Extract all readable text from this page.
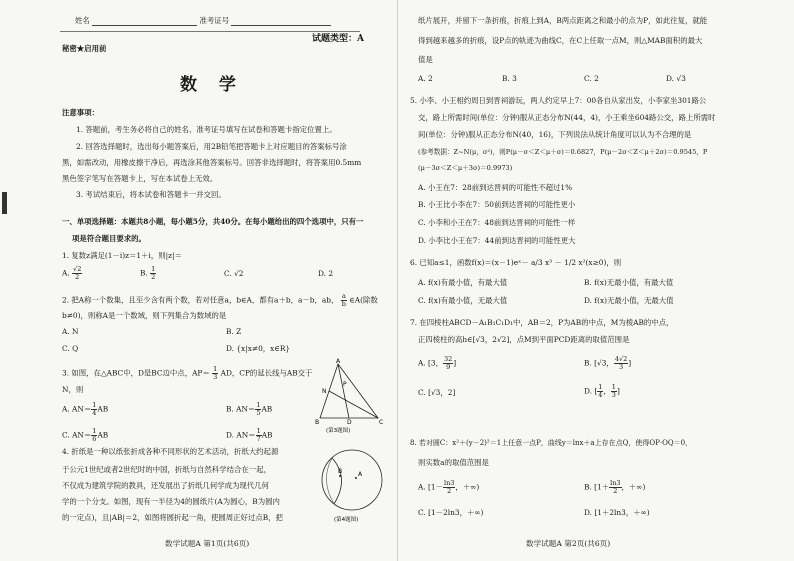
姓名	准考证号
试题类型：A
秘密★启用前
数 学
注意事项：
1. 答题前，考生务必将自己的姓名、准考证号填写在试卷和答题卡指定位置上。
2. 回答选择题时，选出每小题答案后，用2B铅笔把答题卡上对应题目的答案标号涂
黑，如需改动，用橡皮擦干净后，再选涂其他答案标号。回答非选择题时，将答案用0.5mm
黑色签字笔写在答题卡上，写在本试卷上无效。
3. 考试结束后，将本试卷和答题卡一并交回。
一、单项选择题：本题共8小题，每小题5分，共40分。在每小题给出的四个选项中，只有一
项是符合题目要求的。
1. 复数z满足(1－i)z＝1＋i，则|z|＝
A. $\frac{√2}{2}$	B. $\frac{1}{2}$	C. √2	D. 2
2. 把A称一个数集，且至少含有两个数，若对任意a，b∈A，都有a＋b，a－b，ab， $\frac{a}{b}$ ∈A(除数
b≠0)，则称A是一个数域，则下列集合为数域的是
A. N	B. Z
C. Q	D. {x|x≠0，x∈R}
3. 如图，在△ABC中，D是BC边中点，$AP= \frac{1}{3}$ AD，CP的延长线与AB交于
N，则
A. $AN= \frac{1}{4}$ AB	B. $AN= \frac{1}{5}$ AB
C. $AN= \frac{1}{6}$ AB	D. $AN= \frac{1}{7}$ AB
A
N
P
B	D	C
(第3题图)
4. 折纸是一种以纸张折成各种不同形状的艺术活动，折纸大约起源
于公元1世纪或者2世纪时的中国，折纸与自然科学结合在一起，
不仅成为建筑学院的教具，还发展出了折纸几何学成为现代几何
学的一个分支。如图，现有一半径为4的圆纸片(A为圆心，B为圆内
的一定点)，且|AB|＝2，如图将圆折起一角，使圆周正好过点B，把
B	A
(第4题图)
数学试题A 第1页(共6页)
纸片展开，并留下一条折痕，折痕上到A，B两点距离之和最小的点为P，如此往复，就能
得到越来越多的折痕，设P点的轨迹为曲线C，在C上任取一点M，则△MAB面积的最大
值是
A. 2	B. 3	C. 2	D. √3
5. 小李、小王相约周日到晋祠游玩，两人约定早上7：00各自从家出发，小李家坐301路公
交，路上所需时间(单位：分钟)服从正态分布N(44，4)，小王乘坐604路公交，路上所需时
间(单位：分钟)服从正态分布N(40，16)，下列说法从统计角度可以认为不合理的是
(参考数据：Z~N(μ，σ²)，则P(μ－σ＜Z＜μ＋σ)＝0.6827，P(μ－2σ＜Z＜μ＋2σ)＝0.9545，P
(μ－3σ＜Z＜μ＋3σ)＝0.9973)
A. 小王在7：28前到达晋祠的可能性不超过1%
B. 小王比小李在7：50前到达晋祠的可能性更小
C. 小李和小王在7：48前到达晋祠的可能性一样
D. 小李比小王在7：44前到达晋祠的可能性更大
6. 已知a≤1，函数f(x)＝(x－1)eˣ－ a/3 x³ － 1/2 x²(x≥0)，则
A. f(x)有最小值，有最大值	B. f(x)无最小值，有最大值
C. f(x)有最小值，无最大值	D. f(x)无最小值，无最大值
7. 在四棱柱ABCD－A₁B₁C₁D₁中，AB＝2，P为AB的中点，M为棱AB的中点，
正四棱柱的高h∈[√3，2√2]，点M到平面PCD距离的取值范围是
A. [3， $\frac{32}{9}$ ]	B. [√3， $\frac{4√2}{3}$ ]
C. [√3，2]	D. [ $\frac{1}{4}$ ， $\frac{1}{3}$ ]
8. 若对圆C：x²＋(y－2)²＝1上任意一点P，曲线y＝lnx＋a上存在点Q，使得OP·OQ＝0，
则实数a的取值范围是
A. [$1- \frac{\ln 3}{2}$ ，＋∞)	B. [$1+ \frac{\ln 3}{2}$ ，＋∞)
C. [1－2ln3，＋∞)	D. [1＋2ln3，＋∞)
数学试题A 第2页(共6页)
